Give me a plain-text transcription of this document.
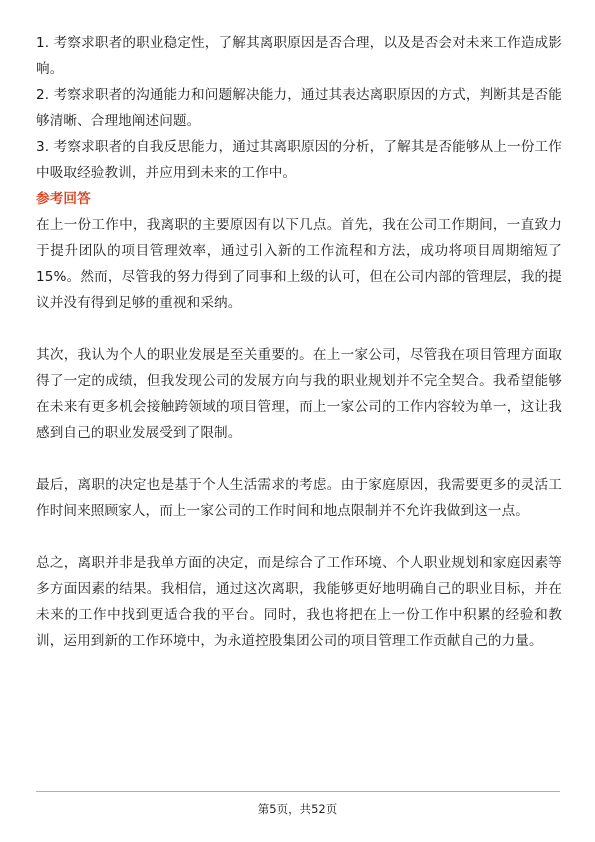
1. 考察求职者的职业稳定性，了解其离职原因是否合理，以及是否会对未来工作造成影响。

2. 考察求职者的沟通能力和问题解决能力，通过其表达离职原因的方式，判断其是否能够清晰、合理地阐述问题。

3. 考察求职者的自我反思能力，通过其离职原因的分析，了解其是否能够从上一份工作中吸取经验教训，并应用到未来的工作中。

参考回答

在上一份工作中，我离职的主要原因有以下几点。首先，我在公司工作期间，一直致力于提升团队的项目管理效率，通过引入新的工作流程和方法，成功将项目周期缩短了15%。然而，尽管我的努力得到了同事和上级的认可，但在公司内部的管理层，我的提议并没有得到足够的重视和采纳。

其次，我认为个人的职业发展是至关重要的。在上一家公司，尽管我在项目管理方面取得了一定的成绩，但我发现公司的发展方向与我的职业规划并不完全契合。我希望能够在未来有更多机会接触跨领域的项目管理，而上一家公司的工作内容较为单一，这让我感到自己的职业发展受到了限制。

最后，离职的决定也是基于个人生活需求的考虑。由于家庭原因，我需要更多的灵活工作时间来照顾家人，而上一家公司的工作时间和地点限制并不允许我做到这一点。

总之，离职并非是我单方面的决定，而是综合了工作环境、个人职业规划和家庭因素等多方面因素的结果。我相信，通过这次离职，我能够更好地明确自己的职业目标，并在未来的工作中找到更适合我的平台。同时，我也将把在上一份工作中积累的经验和教训，运用到新的工作环境中，为永道控股集团公司的项目管理工作贡献自己的力量。

第5页，共52页
